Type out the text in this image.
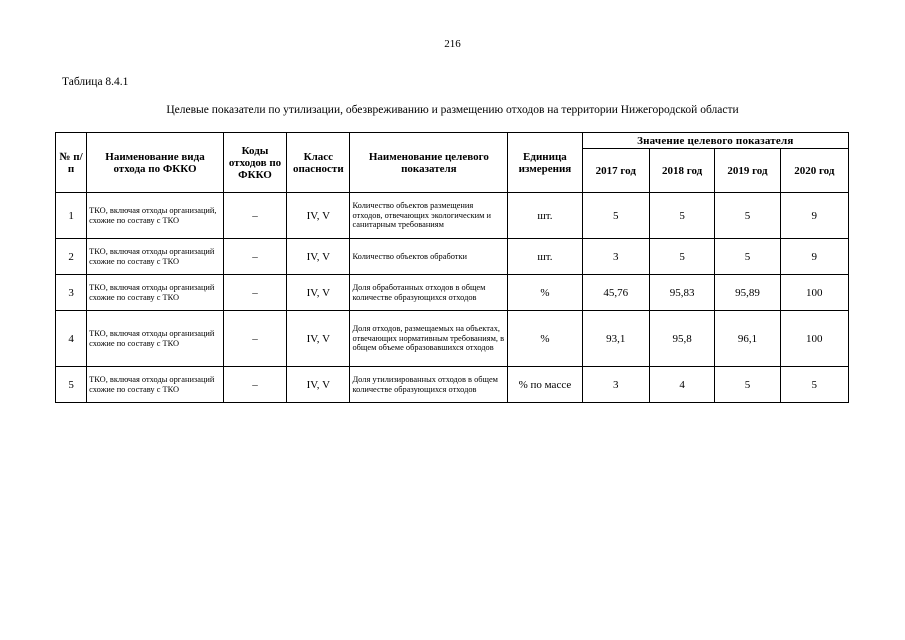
216
Таблица 8.4.1
Целевые показатели по утилизации, обезвреживанию и размещению отходов на территории Нижегородской области
№ п/п	Наименование вида отхода по ФККО	Коды отходов по ФККО	Класс опасности	Наименование целевого показателя	Единица измерения	Значение целевого показателя			
						2017 год	2018 год	2019 год	2020 год
1	ТКО, включая отходы организаций, схожие по составу с ТКО	–	IV, V	Количество объектов размещения отходов, отвечающих экологическим и санитарным требованиям	шт.	5	5	5	9
2	ТКО, включая отходы организаций схожие по составу с ТКО	–	IV, V	Количество объектов обработки	шт.	3	5	5	9
3	ТКО, включая отходы организаций схожие по составу с ТКО	–	IV, V	Доля обработанных отходов в общем количестве образующихся отходов	%	45,76	95,83	95,89	100
4	ТКО, включая отходы организаций схожие по составу с ТКО	–	IV, V	Доля отходов, размещаемых на объектах, отвечающих нормативным требованиям, в общем объеме образовавшихся отходов	%	93,1	95,8	96,1	100
5	ТКО, включая отходы организаций схожие по составу с ТКО	–	IV, V	Доля утилизированных отходов в общем количестве образующихся отходов	% по массе	3	4	5	5
